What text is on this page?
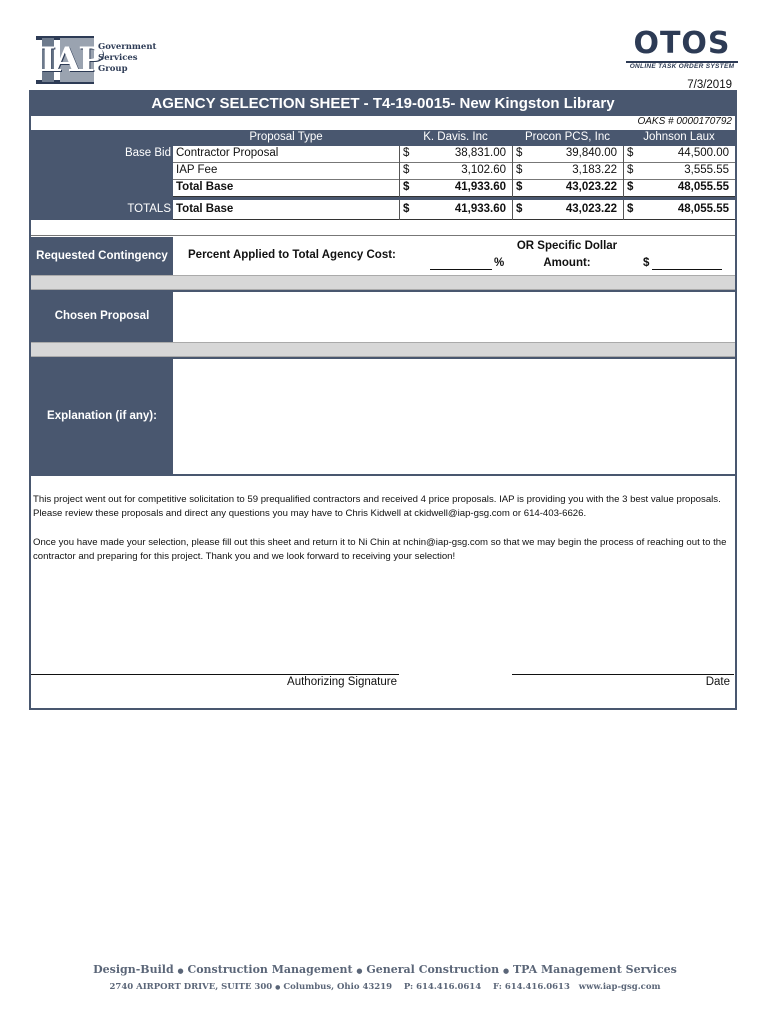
IAP
Government
Services
Group
OTOS
ONLINE TASK ORDER SYSTEM
7/3/2019
AGENCY SELECTION SHEET - T4-19-0015- New Kingston Library
OAKS # 0000170792
Proposal Type	K. Davis. Inc	Procon PCS, Inc	Johnson Laux
Base Bid Contractor Proposal	$	38,831.00 $	39,840.00 $	44,500.00
IAP Fee	$	3,102.60 $	3,183.22 $	3,555.55
Total Base	$	41,933.60 $	43,023.22 $	48,055.55
TOTALS Total Base	$	41,933.60 $	43,023.22 $	48,055.55
Requested Contingency	Percent Applied to Total Agency Cost:
%
OR Specific Dollar
Amount:	$
Chosen Proposal
Explanation (if any):
This project went out for competitive solicitation to 59 prequalified contractors and received 4 price proposals. IAP is providing you with the 3 best value proposals. Please review these proposals and direct any questions you may have to Chris Kidwell at ckidwell@iap-gsg.com or 614-403-6626.
Once you have made your selection, please fill out this sheet and return it to Ni Chin at nchin@iap-gsg.com so that we may begin the process of reaching out to the contractor and preparing for this project. Thank you and we look forward to receiving your selection!
Authorizing Signature	Date
Design-Build ● Construction Management ● General Construction ● TPA Management Services
2740 AIRPORT DRIVE, SUITE 300 ● Columbus, Ohio 43219 P: 614.416.0614 F: 614.416.0613 www.iap-gsg.com
